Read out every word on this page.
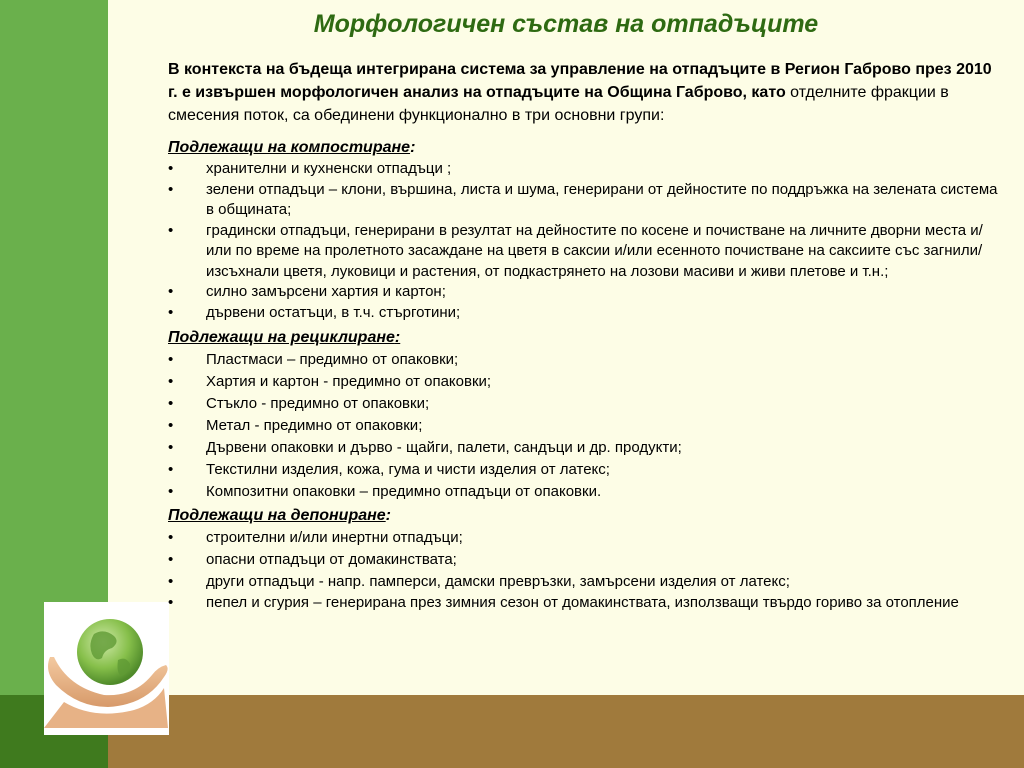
Морфологичен състав на отпадъците
В контекста на бъдеща интегрирана система за управление на отпадъците в Регион Габрово през 2010 г. е извършен морфологичен анализ на отпадъците на Община Габрово, като отделните фракции в смесения поток, са обединени функционално в три основни групи:
Подлежащи на компостиране:
• хранителни и кухненски отпадъци ;
• зелени отпадъци – клони, вършина, листа и шума, генерирани от дейностите по поддръжка на зелената система в общината;
• градински отпадъци, генерирани в резултат на дейностите по косене и почистване на личните дворни места и/или по време на пролетното засаждане на цветя в саксии и/или есенното почистване на саксиите със загнили/изсъхнали цветя, луковици и растения, от подкастрянето на лозови масиви и живи плетове и т.н.;
• силно замърсени хартия и картон;
• дървени остатъци, в т.ч. стърготини;
Подлежащи на рециклиране:
• Пластмаси – предимно от опаковки;
• Хартия и картон - предимно от опаковки;
• Стъкло - предимно от опаковки;
• Метал - предимно от опаковки;
• Дървени опаковки и дърво - щайги, палети, сандъци и др. продукти;
• Текстилни изделия, кожа, гума и чисти изделия от латекс;
• Композитни опаковки – предимно отпадъци от опаковки.
Подлежащи на депониране:
• строителни и/или инертни отпадъци;
• опасни отпадъци от домакинствата;
• други отпадъци - напр. памперси, дамски превръзки, замърсени изделия от латекс;
• пепел и сгурия – генерирана през зимния сезон от домакинствата, използващи твърдо гориво за отопление
